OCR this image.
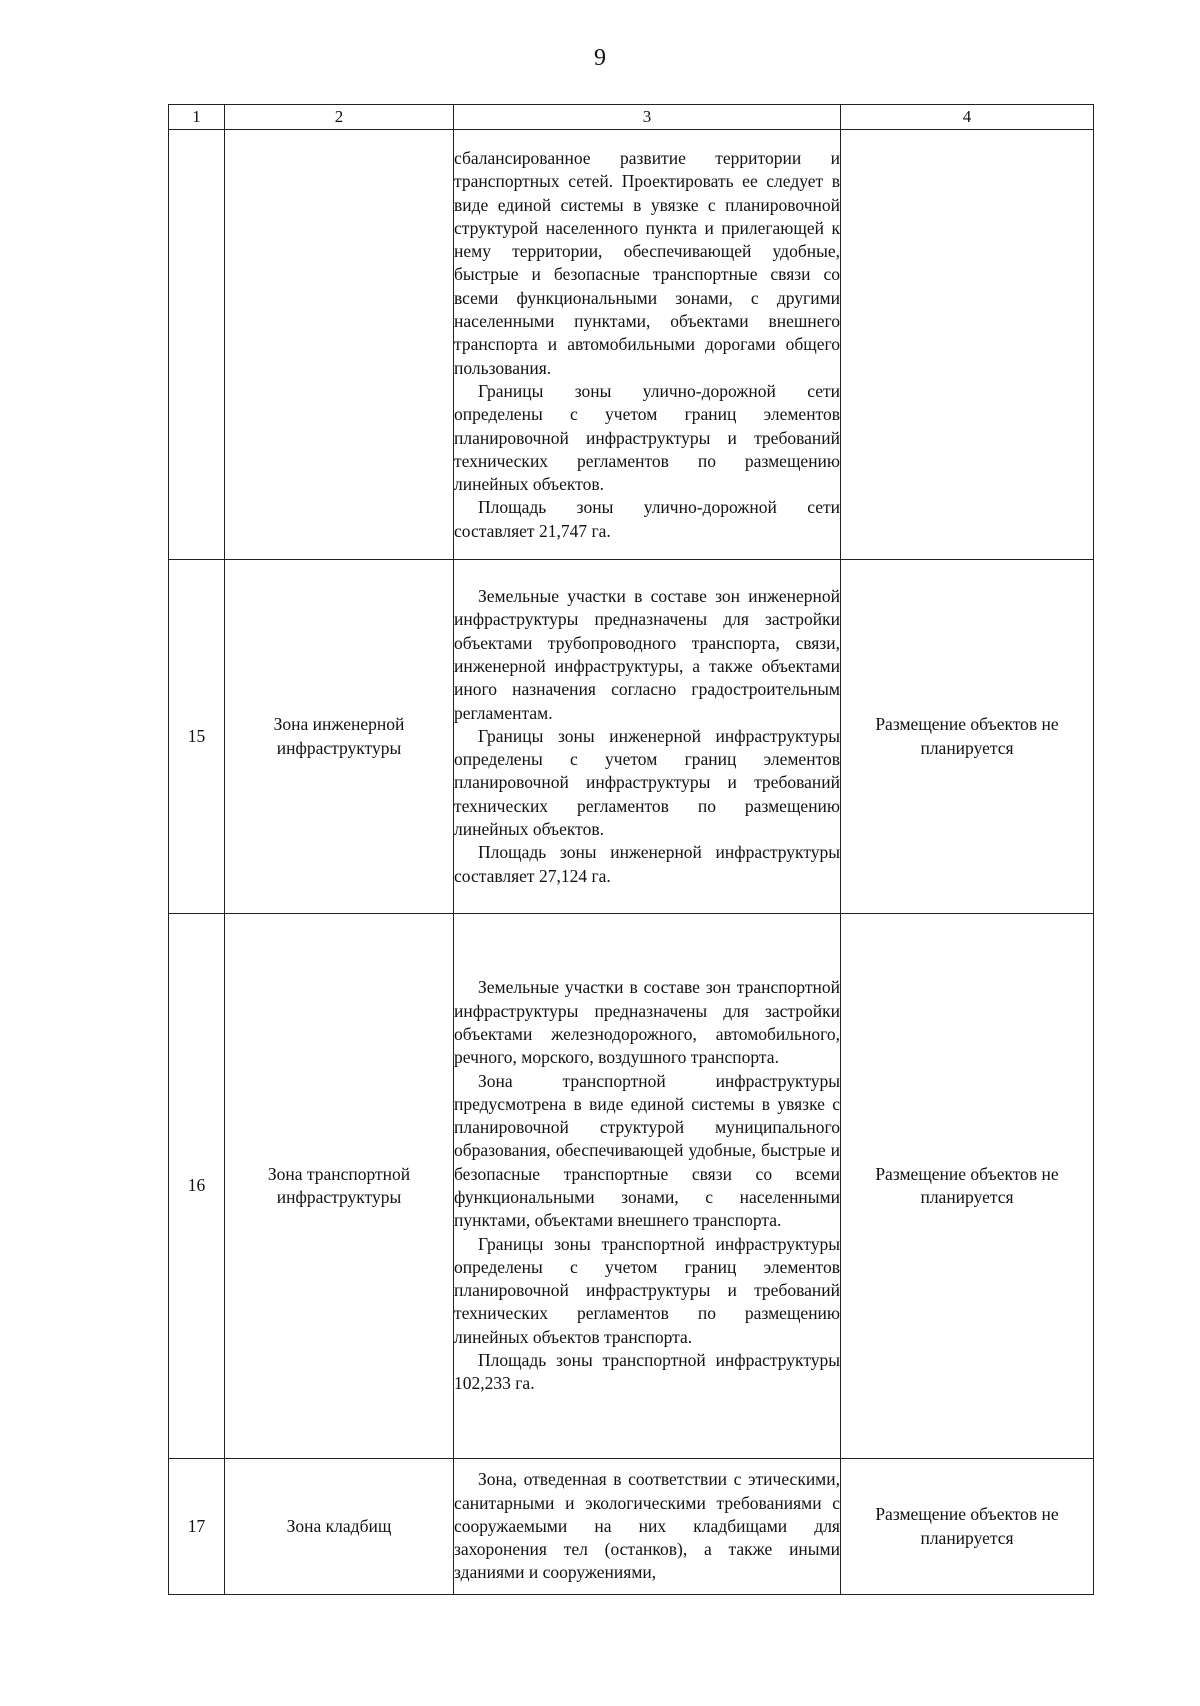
9
1	2	3	4

		сбалансированное развитие территории и транспортных сетей. Проектировать ее следует в виде единой системы в увязке с планировочной структурой населенного пункта и прилегающей к нему территории, обеспечивающей удобные, быстрые и безопасные транспортные связи со всеми функциональными зонами, с другими населенными пунктами, объектами внешнего транспорта и автомобильными дорогами общего пользования.

Границы зоны улично-дорожной сети определены с учетом границ элементов планировочной инфраструктуры и требований технических регламентов по размещению линейных объектов.

Площадь зоны улично-дорожной сети составляет 21,747 га.	

15	Зона инженерной инфраструктуры	Земельные участки в составе зон инженерной инфраструктуры предназначены для застройки объектами трубопроводного транспорта, связи, инженерной инфраструктуры, а также объектами иного назначения согласно градостроительным регламентам.

Границы зоны инженерной инфраструктуры определены с учетом границ элементов планировочной инфраструктуры и требований технических регламентов по размещению линейных объектов.

Площадь зоны инженерной инфраструктуры составляет 27,124 га.	Размещение объектов не планируется
16	Зона транспортной инфраструктуры	Земельные участки в составе зон транспортной инфраструктуры предназначены для застройки объектами железнодорожного, автомобильного, речного, морского, воздушного транспорта.

Зона транспортной инфраструктуры предусмотрена в виде единой системы в увязке с планировочной структурой муниципального образования, обеспечивающей удобные, быстрые и безопасные транспортные связи со всеми функциональными зонами, с населенными пунктами, объектами внешнего транспорта.

Границы зоны транспортной инфраструктуры определены с учетом границ элементов планировочной инфраструктуры и требований технических регламентов по размещению линейных объектов транспорта.

Площадь зоны транспортной инфраструктуры 102,233 га.	Размещение объектов не планируется
17	Зона кладбищ	Зона, отведенная в соответствии с этическими, санитарными и экологическими требованиями с сооружаемыми на них кладбищами для захоронения тел (останков), а также иными зданиями и сооружениями,	Размещение объектов не планируется
